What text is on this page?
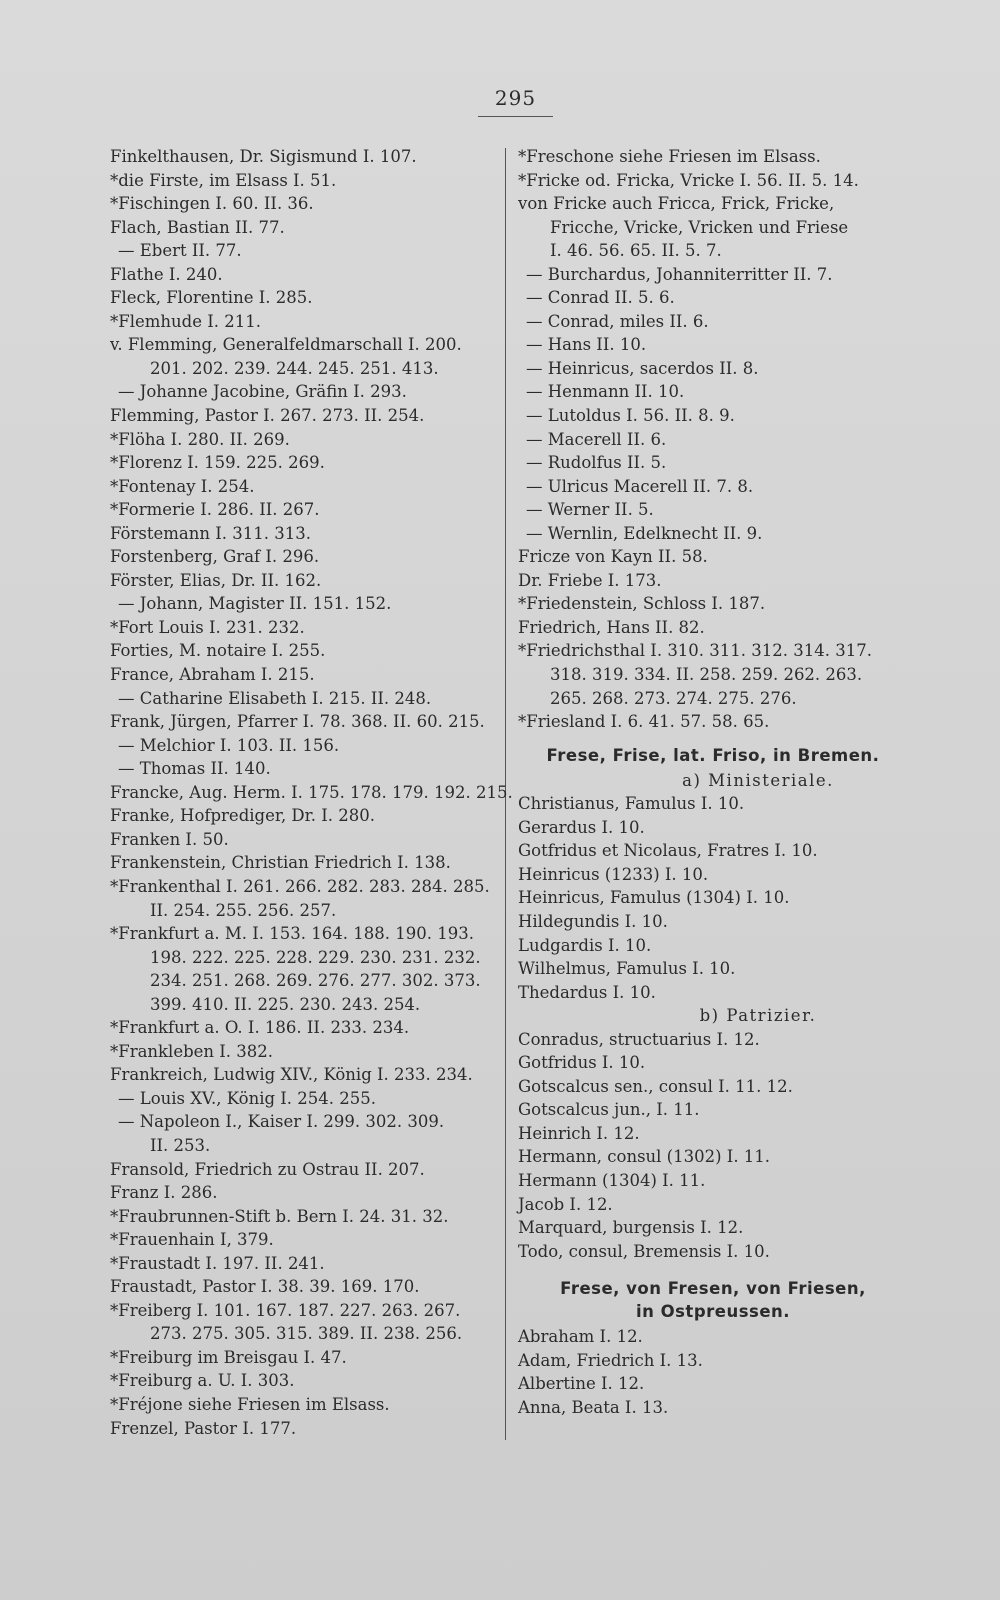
295

Finkelthausen, Dr. Sigismund I. 107.

*die Firste, im Elsass I. 51.

*Fischingen I. 60. II. 36.

Flach, Bastian II. 77.

— Ebert II. 77.

Flathe I. 240.

Fleck, Florentine I. 285.

*Flemhude I. 211.

v. Flemming, Generalfeldmarschall I. 200.

201. 202. 239. 244. 245. 251. 413.

— Johanne Jacobine, Gräfin I. 293.

Flemming, Pastor I. 267. 273. II. 254.

*Flöha I. 280. II. 269.

*Florenz I. 159. 225. 269.

*Fontenay I. 254.

*Formerie I. 286. II. 267.

Förstemann I. 311. 313.

Forstenberg, Graf I. 296.

Förster, Elias, Dr. II. 162.

— Johann, Magister II. 151. 152.

*Fort Louis I. 231. 232.

Forties, M. notaire I. 255.

France, Abraham I. 215.

— Catharine Elisabeth I. 215. II. 248.

Frank, Jürgen, Pfarrer I. 78. 368. II. 60. 215.

— Melchior I. 103. II. 156.

— Thomas II. 140.

Francke, Aug. Herm. I. 175. 178. 179. 192. 215.

Franke, Hofprediger, Dr. I. 280.

Franken I. 50.

Frankenstein, Christian Friedrich I. 138.

*Frankenthal I. 261. 266. 282. 283. 284. 285.

II. 254. 255. 256. 257.

*Frankfurt a. M. I. 153. 164. 188. 190. 193.

198. 222. 225. 228. 229. 230. 231. 232.

234. 251. 268. 269. 276. 277. 302. 373.

399. 410. II. 225. 230. 243. 254.

*Frankfurt a. O. I. 186. II. 233. 234.

*Frankleben I. 382.

Frankreich, Ludwig XIV., König I. 233. 234.

— Louis XV., König I. 254. 255.

— Napoleon I., Kaiser I. 299. 302. 309.

II. 253.

Fransold, Friedrich zu Ostrau II. 207.

Franz I. 286.

*Fraubrunnen-Stift b. Bern I. 24. 31. 32.

*Frauenhain I, 379.

*Fraustadt I. 197. II. 241.

Fraustadt, Pastor I. 38. 39. 169. 170.

*Freiberg I. 101. 167. 187. 227. 263. 267.

273. 275. 305. 315. 389. II. 238. 256.

*Freiburg im Breisgau I. 47.

*Freiburg a. U. I. 303.

*Fréjone siehe Friesen im Elsass.

Frenzel, Pastor I. 177.

*Freschone siehe Friesen im Elsass.

*Fricke od. Fricka, Vricke I. 56. II. 5. 14.

von Fricke auch Fricca, Frick, Fricke,

Fricche, Vricke, Vricken und Friese

I. 46. 56. 65. II. 5. 7.

— Burchardus, Johanniterritter II. 7.

— Conrad II. 5. 6.

— Conrad, miles II. 6.

— Hans II. 10.

— Heinricus, sacerdos II. 8.

— Henmann II. 10.

— Lutoldus I. 56. II. 8. 9.

— Macerell II. 6.

— Rudolfus II. 5.

— Ulricus Macerell II. 7. 8.

— Werner II. 5.

— Wernlin, Edelknecht II. 9.

Fricze von Kayn II. 58.

Dr. Friebe I. 173.

*Friedenstein, Schloss I. 187.

Friedrich, Hans II. 82.

*Friedrichsthal I. 310. 311. 312. 314. 317.

318. 319. 334. II. 258. 259. 262. 263.

265. 268. 273. 274. 275. 276.

*Friesland I. 6. 41. 57. 58. 65.

Frese, Frise, lat. Friso, in Bremen.

a) Ministeriale.

Christianus, Famulus I. 10.

Gerardus I. 10.

Gotfridus et Nicolaus, Fratres I. 10.

Heinricus (1233) I. 10.

Heinricus, Famulus (1304) I. 10.

Hildegundis I. 10.

Ludgardis I. 10.

Wilhelmus, Famulus I. 10.

Thedardus I. 10.

b) Patrizier.

Conradus, structuarius I. 12.

Gotfridus I. 10.

Gotscalcus sen., consul I. 11. 12.

Gotscalcus jun., I. 11.

Heinrich I. 12.

Hermann, consul (1302) I. 11.

Hermann (1304) I. 11.

Jacob I. 12.

Marquard, burgensis I. 12.

Todo, consul, Bremensis I. 10.

Frese, von Fresen, von Friesen,
in Ostpreussen.

Abraham I. 12.

Adam, Friedrich I. 13.

Albertine I. 12.

Anna, Beata I. 13.
